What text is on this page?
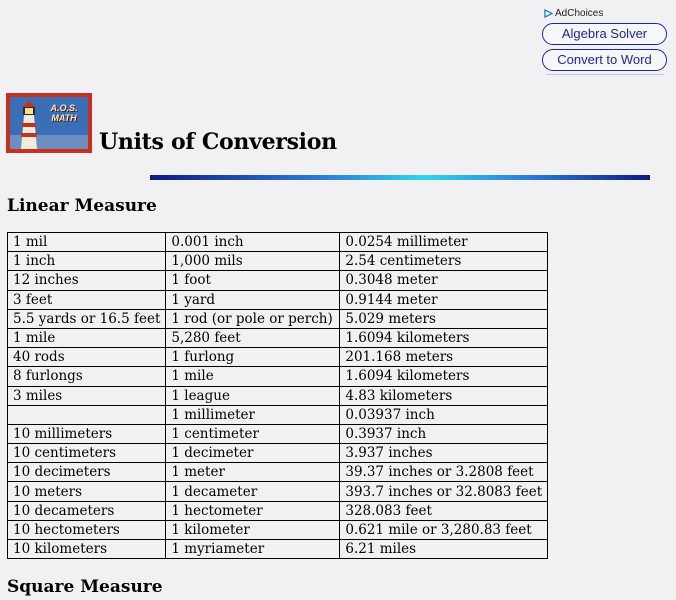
AdChoices
Algebra Solver
Convert to Word
A.O.S.
MATH
Units of Conversion
Linear Measure
1 mil	0.001 inch	0.0254 millimeter
1 inch	1,000 mils	2.54 centimeters
12 inches	1 foot	0.3048 meter
3 feet	1 yard	0.9144 meter
5.5 yards or 16.5 feet	1 rod (or pole or perch)	5.029 meters
1 mile	5,280 feet	1.6094 kilometers
40 rods	1 furlong	201.168 meters
8 furlongs	1 mile	1.6094 kilometers
3 miles	1 league	4.83 kilometers
	1 millimeter	0.03937 inch
10 millimeters	1 centimeter	0.3937 inch
10 centimeters	1 decimeter	3.937 inches
10 decimeters	1 meter	39.37 inches or 3.2808 feet
10 meters	1 decameter	393.7 inches or 32.8083 feet
10 decameters	1 hectometer	328.083 feet
10 hectometers	1 kilometer	0.621 mile or 3,280.83 feet
10 kilometers	1 myriameter	6.21 miles
Square Measure
